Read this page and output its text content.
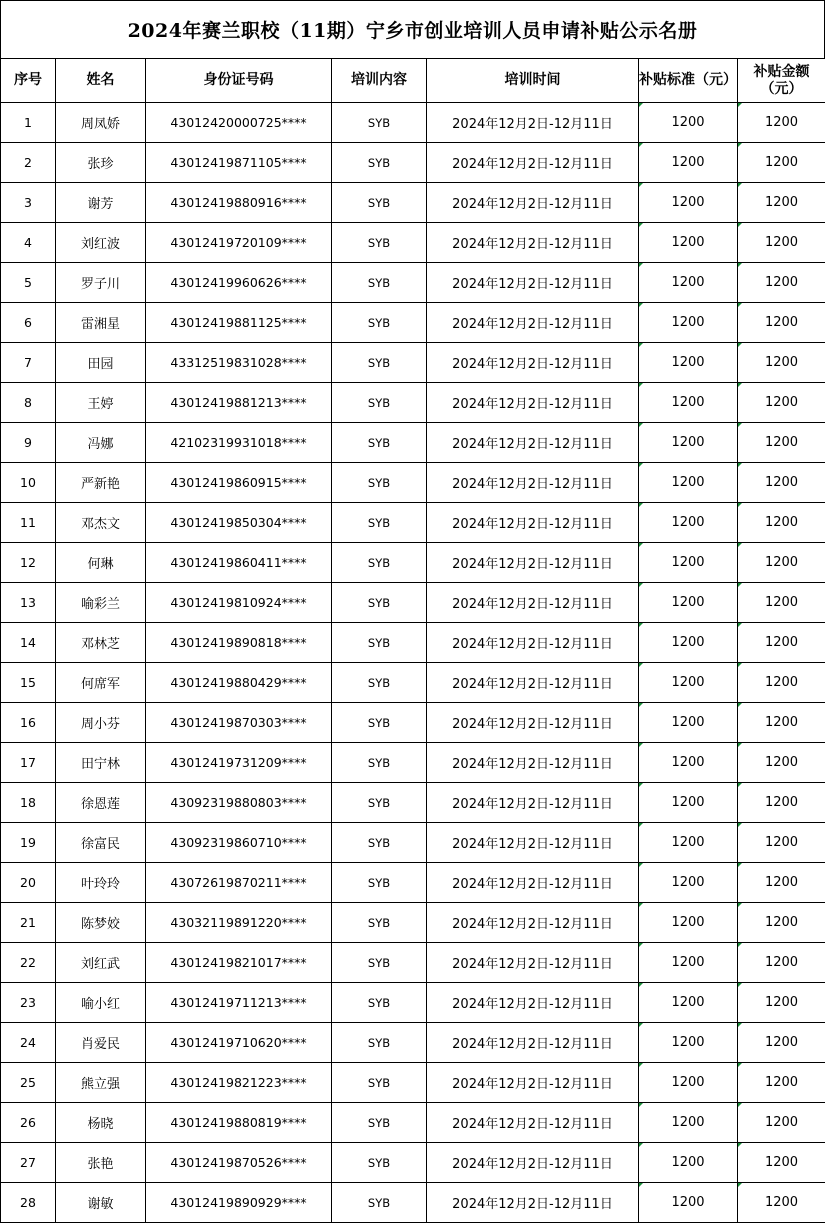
2024年赛兰职校（11期）宁乡市创业培训人员申请补贴公示名册
序号	姓名	身份证号码	培训内容	培训时间	补贴标准（元）	补贴金额（元）
1	周凤娇	43012420000725****	SYB	2024年12月2日-12月11日	1200	1200
2	张珍	43012419871105****	SYB	2024年12月2日-12月11日	1200	1200
3	谢芳	43012419880916****	SYB	2024年12月2日-12月11日	1200	1200
4	刘红波	43012419720109****	SYB	2024年12月2日-12月11日	1200	1200
5	罗子川	43012419960626****	SYB	2024年12月2日-12月11日	1200	1200
6	雷湘星	43012419881125****	SYB	2024年12月2日-12月11日	1200	1200
7	田园	43312519831028****	SYB	2024年12月2日-12月11日	1200	1200
8	王婷	43012419881213****	SYB	2024年12月2日-12月11日	1200	1200
9	冯娜	42102319931018****	SYB	2024年12月2日-12月11日	1200	1200
10	严新艳	43012419860915****	SYB	2024年12月2日-12月11日	1200	1200
11	邓杰文	43012419850304****	SYB	2024年12月2日-12月11日	1200	1200
12	何琳	43012419860411****	SYB	2024年12月2日-12月11日	1200	1200
13	喻彩兰	43012419810924****	SYB	2024年12月2日-12月11日	1200	1200
14	邓林芝	43012419890818****	SYB	2024年12月2日-12月11日	1200	1200
15	何席军	43012419880429****	SYB	2024年12月2日-12月11日	1200	1200
16	周小芬	43012419870303****	SYB	2024年12月2日-12月11日	1200	1200
17	田宁林	43012419731209****	SYB	2024年12月2日-12月11日	1200	1200
18	徐恩莲	43092319880803****	SYB	2024年12月2日-12月11日	1200	1200
19	徐富民	43092319860710****	SYB	2024年12月2日-12月11日	1200	1200
20	叶玲玲	43072619870211****	SYB	2024年12月2日-12月11日	1200	1200
21	陈梦姣	43032119891220****	SYB	2024年12月2日-12月11日	1200	1200
22	刘红武	43012419821017****	SYB	2024年12月2日-12月11日	1200	1200
23	喻小红	43012419711213****	SYB	2024年12月2日-12月11日	1200	1200
24	肖爱民	43012419710620****	SYB	2024年12月2日-12月11日	1200	1200
25	熊立强	43012419821223****	SYB	2024年12月2日-12月11日	1200	1200
26	杨晓	43012419880819****	SYB	2024年12月2日-12月11日	1200	1200
27	张艳	43012419870526****	SYB	2024年12月2日-12月11日	1200	1200
28	谢敏	43012419890929****	SYB	2024年12月2日-12月11日	1200	1200
